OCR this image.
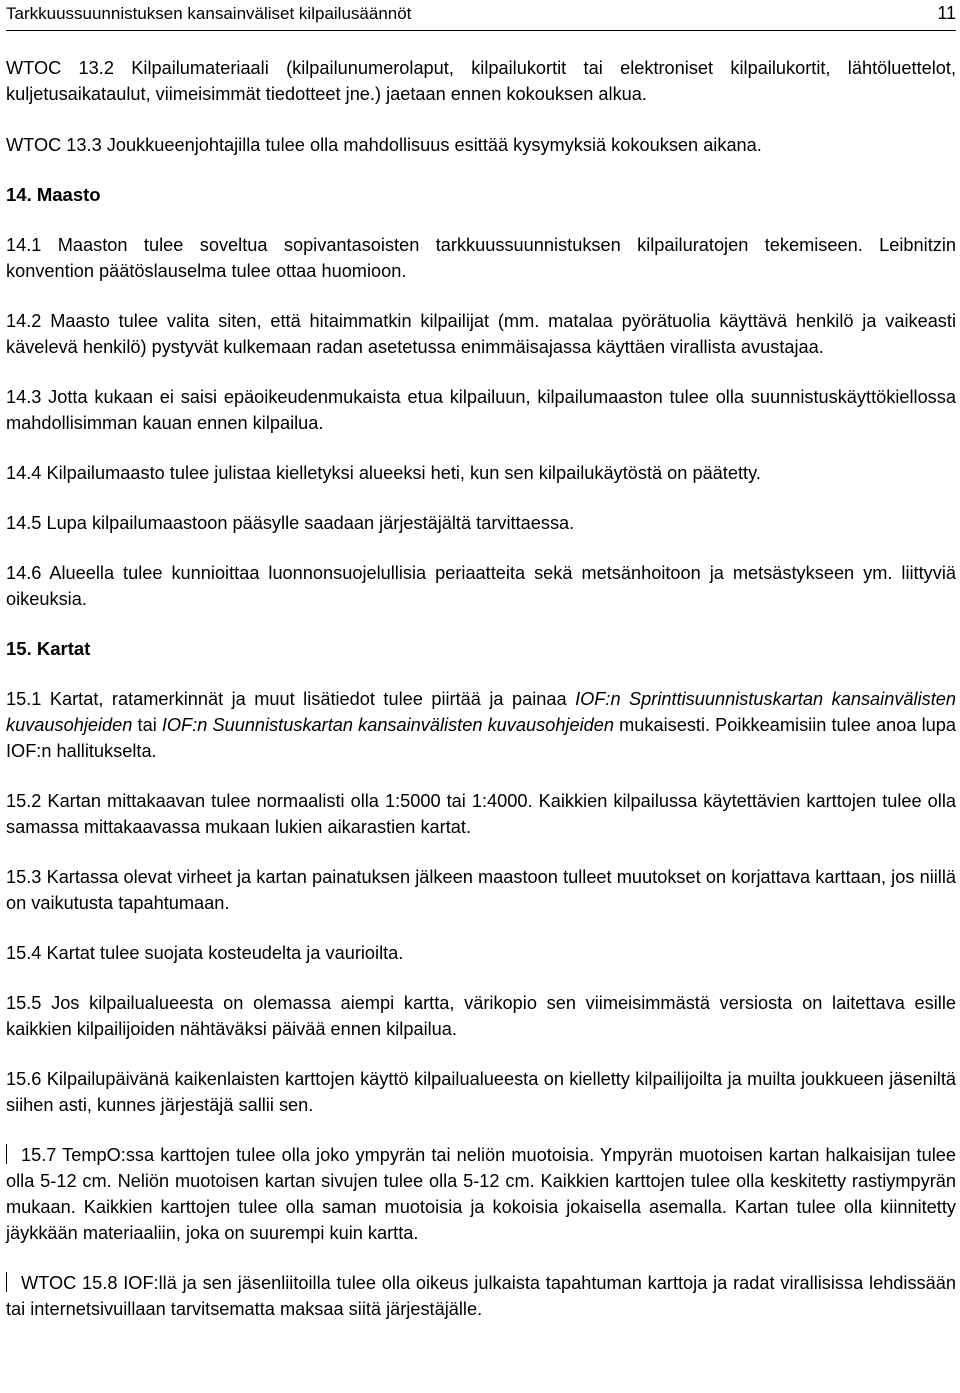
Tarkkuussuunnistuksen kansainväliset kilpailusäännöt	11

WTOC 13.2 Kilpailumateriaali (kilpailunumerolaput, kilpailukortit tai elektroniset kilpailukortit, lähtöluettelot, kuljetusaikataulut, viimeisimmät tiedotteet jne.) jaetaan ennen kokouksen alkua.

WTOC 13.3 Joukkueenjohtajilla tulee olla mahdollisuus esittää kysymyksiä kokouksen aikana.

14. Maasto

14.1 Maaston tulee soveltua sopivantasoisten tarkkuussuunnistuksen kilpailuratojen tekemiseen. Leibnitzin konvention päätöslauselma tulee ottaa huomioon.

14.2 Maasto tulee valita siten, että hitaimmatkin kilpailijat (mm. matalaa pyörätuolia käyttävä henkilö ja vaikeasti kävelevä henkilö) pystyvät kulkemaan radan asetetussa enimmäisajassa käyttäen virallista avustajaa.

14.3 Jotta kukaan ei saisi epäoikeudenmukaista etua kilpailuun, kilpailumaaston tulee olla suunnistuskäyttökiellossa mahdollisimman kauan ennen kilpailua.

14.4 Kilpailumaasto tulee julistaa kielletyksi alueeksi heti, kun sen kilpailukäytöstä on päätetty.

14.5 Lupa kilpailumaastoon pääsylle saadaan järjestäjältä tarvittaessa.

14.6 Alueella tulee kunnioittaa luonnonsuojelullisia periaatteita sekä metsänhoitoon ja metsästykseen ym. liittyviä oikeuksia.

15. Kartat

15.1 Kartat, ratamerkinnät ja muut lisätiedot tulee piirtää ja painaa IOF:n Sprinttisuunnistuskartan kansainvälisten kuvausohjeiden tai IOF:n Suunnistuskartan kansainvälisten kuvausohjeiden mukaisesti. Poikkeamisiin tulee anoa lupa IOF:n hallitukselta.

15.2 Kartan mittakaavan tulee normaalisti olla 1:5000 tai 1:4000. Kaikkien kilpailussa käytettävien karttojen tulee olla samassa mittakaavassa mukaan lukien aikarastien kartat.

15.3 Kartassa olevat virheet ja kartan painatuksen jälkeen maastoon tulleet muutokset on korjattava karttaan, jos niillä on vaikutusta tapahtumaan.

15.4 Kartat tulee suojata kosteudelta ja vaurioilta.

15.5 Jos kilpailualueesta on olemassa aiempi kartta, värikopio sen viimeisimmästä versiosta on laitettava esille kaikkien kilpailijoiden nähtäväksi päivää ennen kilpailua.

15.6 Kilpailupäivänä kaikenlaisten karttojen käyttö kilpailualueesta on kielletty kilpailijoilta ja muilta joukkueen jäseniltä siihen asti, kunnes järjestäjä sallii sen.

15.7 TempO:ssa karttojen tulee olla joko ympyrän tai neliön muotoisia. Ympyrän muotoisen kartan halkaisijan tulee olla 5-12 cm. Neliön muotoisen kartan sivujen tulee olla 5-12 cm. Kaikkien karttojen tulee olla keskitetty rastiympyrän mukaan. Kaikkien karttojen tulee olla saman muotoisia ja kokoisia jokaisella asemalla. Kartan tulee olla kiinnitetty jäykkään materiaaliin, joka on suurempi kuin kartta.

WTOC 15.8 IOF:llä ja sen jäsenliitoilla tulee olla oikeus julkaista tapahtuman karttoja ja radat virallisissa lehdissään tai internetsivuillaan tarvitsematta maksaa siitä järjestäjälle.
